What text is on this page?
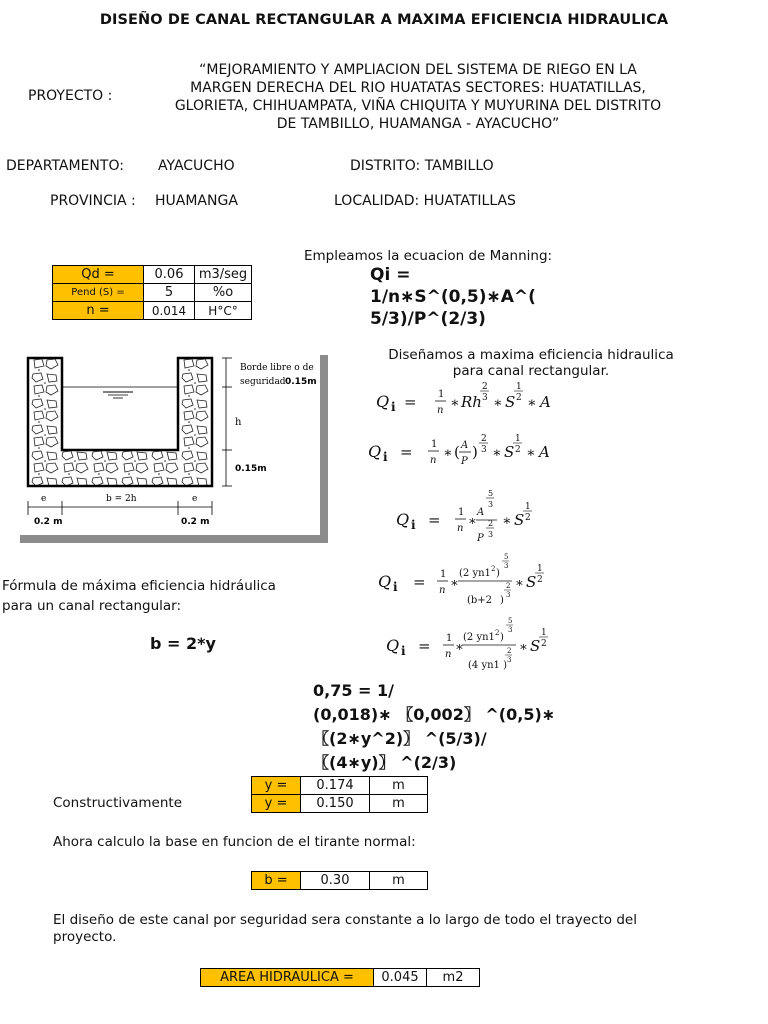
DISEÑO DE CANAL RECTANGULAR A MAXIMA EFICIENCIA HIDRAULICA
PROYECTO :
“MEJORAMIENTO Y AMPLIACION DEL SISTEMA DE RIEGO EN LA
MARGEN DERECHA DEL RIO HUATATAS SECTORES: HUATATILLAS,
GLORIETA, CHIHUAMPATA, VIÑA CHIQUITA Y MUYURINA DEL DISTRITO
DE TAMBILLO, HUAMANGA - AYACUCHO”
DEPARTAMENTO: AYACUCHO	DISTRITO: TAMBILLO
PROVINCIA : HUAMANGA	LOCALIDAD: HUATATILLAS
Qd =	0.06	m3/seg
Pend (S) =	5	%o
n =	0.014	H°C°
Empleamos la ecuacion de Manning:
Qi =
1/n∗S^(0,5)∗A^(
5/3)/P^(2/3)
Diseñamos a maxima eficiencia hidraulica
para canal rectangular.
Borde libre o de
seguridad 0.15m
h
0.15m
e	b = 2h	e
0.2 m	0.2 m
Q i = 1
n ∗ Rh
2
3 ∗ S
1
2 ∗ A
Q i = 1
n ∗ ( A
P
)
2
3 ∗ S
1
2 ∗ A
Q i = 1
n ∗
A
5
3
P
2
3
∗ S
1
2
Q i = 1
n ∗
(2 yn1 2 )
5
3
(b+2 )
2
3
∗ S
1
2
Q i = 1
n ∗
(2 yn1 2 )
5
3
(4 yn1 )
2
3
∗ S
1
2
Fórmula de máxima eficiencia hidráulica
para un canal rectangular:
b = 2*y
0,75 = 1/
(0,018)∗ 〖0,002〗 ^(0,5)∗
〖(2∗y^2)〗 ^(5/3)/
〖(4∗y)〗 ^(2/3)
y =	0.174	m
y =	0.150	m
Constructivamente
Ahora calculo la base en funcion de el tirante normal:
b =	0.30	m
El diseño de este canal por seguridad sera constante a lo largo de todo el trayecto del
proyecto.
AREA HIDRAULICA =	0.045	m2
